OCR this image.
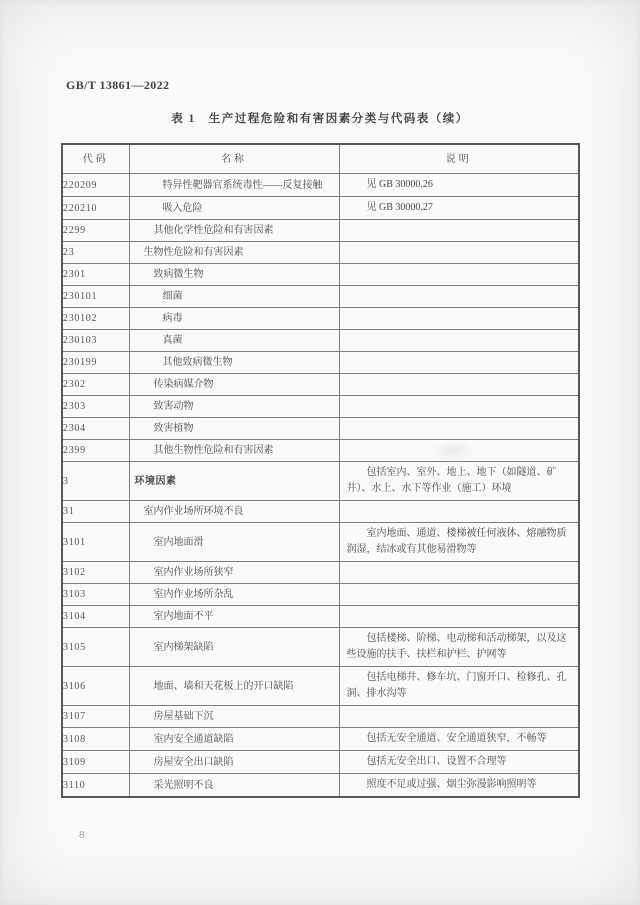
GB/T 13861—2022
表 1　生产过程危险和有害因素分类与代码表（续）
代码	名称	说明
220209	特异性靶器官系统毒性——反复接触	见 GB 30000.26

220210	吸入危险	见 GB 30000.27

2299	其他化学性危险和有害因素	
23	生物性危险和有害因素	
2301	致病微生物	
230101	细菌	
230102	病毒	
230103	真菌	
230199	其他致病微生物	
2302	传染病媒介物	
2303	致害动物	
2304	致害植物	
2399	其他生物性危险和有害因素	
3	环境因素	包括室内、室外、地上、地下（如隧道、矿井）、水上、水下等作业（施工）环境

31	室内作业场所环境不良	
3101	室内地面滑	室内地面、通道、楼梯被任何液体、熔融物质润湿，结冰或有其他易滑物等

3102	室内作业场所狭窄	
3103	室内作业场所杂乱	
3104	室内地面不平	
3105	室内梯架缺陷	包括楼梯、阶梯、电动梯和活动梯架，以及这些设施的扶手、扶栏和护栏、护网等

3106	地面、墙和天花板上的开口缺陷	包括电梯井、修车坑、门窗开口、检修孔、孔洞、排水沟等

3107	房屋基础下沉	
3108	室内安全通道缺陷	包括无安全通道、安全通道狭窄，不畅等

3109	房屋安全出口缺陷	包括无安全出口、设置不合理等

3110	采光照明不良	照度不足或过强、烟尘弥漫影响照明等
8
